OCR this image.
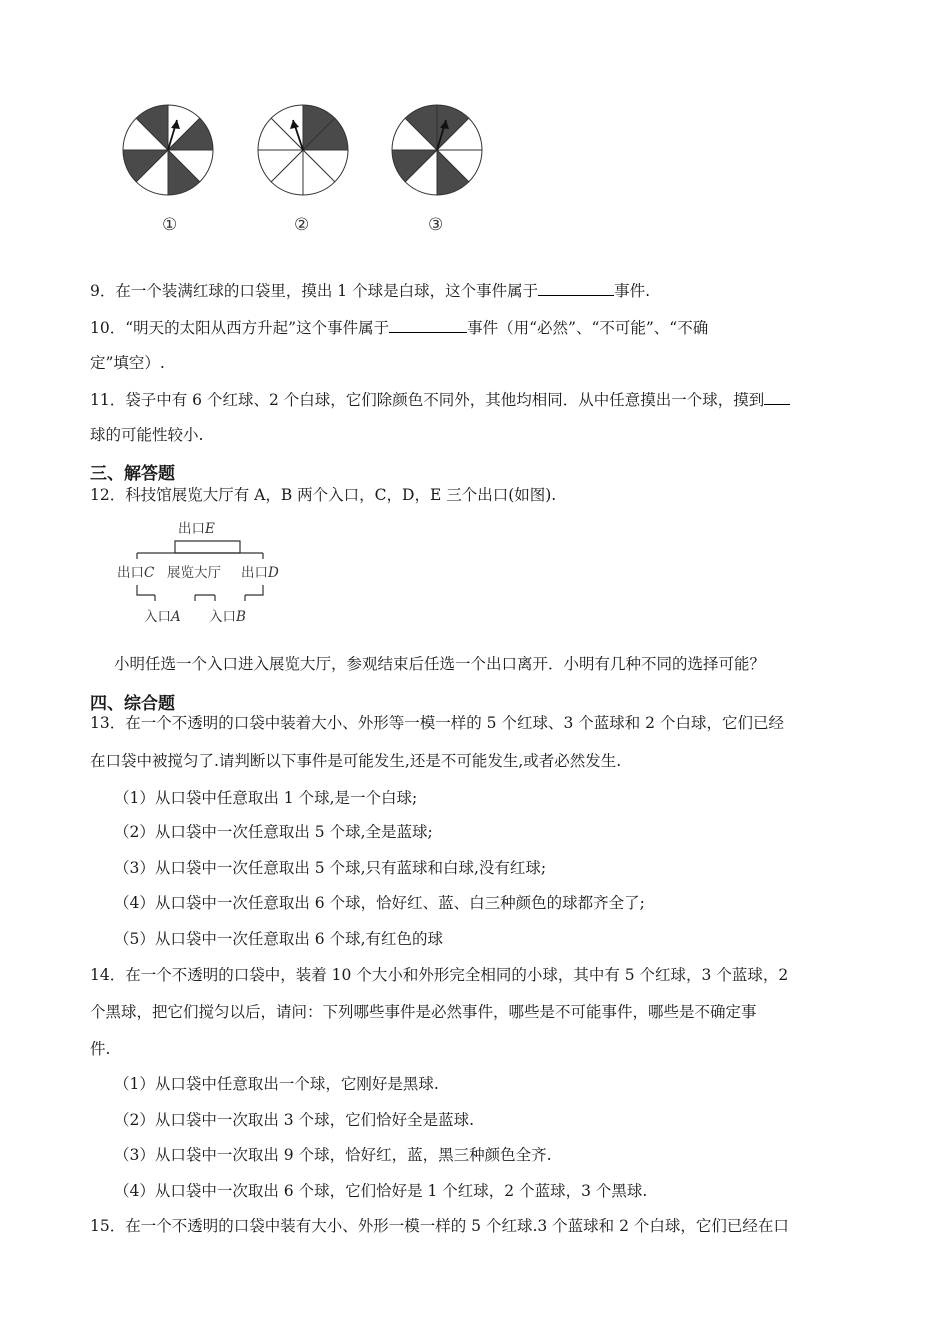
①	②	③
9．在一个装满红球的口袋里，摸出 1 个球是白球，这个事件属于	事件.
10．“明天的太阳从西方升起”这个事件属于	事件（用“必然”、“不可能”、“不确
定”填空）.
11．袋子中有 6 个红球、2 个白球，它们除颜色不同外，其他均相同．从中任意摸出一个球，摸到
球的可能性较小.
三、解答题
12．科技馆展览大厅有 A，B 两个入口，C，D，E 三个出口(如图).
出口E
出口C 展览大厅 出口D
入口A 入口B
小明任选一个入口进入展览大厅，参观结束后任选一个出口离开．小明有几种不同的选择可能？
四、综合题
13．在一个不透明的口袋中装着大小、外形等一模一样的 5 个红球、3 个蓝球和 2 个白球，它们已经
在口袋中被搅匀了.请判断以下事件是可能发生,还是不可能发生,或者必然发生.
（1）从口袋中任意取出 1 个球,是一个白球;
（2）从口袋中一次任意取出 5 个球,全是蓝球;
（3）从口袋中一次任意取出 5 个球,只有蓝球和白球,没有红球;
（4）从口袋中一次任意取出 6 个球，恰好红、蓝、白三种颜色的球都齐全了;
（5）从口袋中一次任意取出 6 个球,有红色的球
14．在一个不透明的口袋中，装着 10 个大小和外形完全相同的小球，其中有 5 个红球，3 个蓝球，2
个黑球，把它们搅匀以后，请问：下列哪些事件是必然事件，哪些是不可能事件，哪些是不确定事
件.
（1）从口袋中任意取出一个球，它刚好是黑球.
（2）从口袋中一次取出 3 个球，它们恰好全是蓝球.
（3）从口袋中一次取出 9 个球，恰好红，蓝，黑三种颜色全齐.
（4）从口袋中一次取出 6 个球，它们恰好是 1 个红球，2 个蓝球，3 个黑球.
15．在一个不透明的口袋中装有大小、外形一模一样的 5 个红球.3 个蓝球和 2 个白球，它们已经在口
